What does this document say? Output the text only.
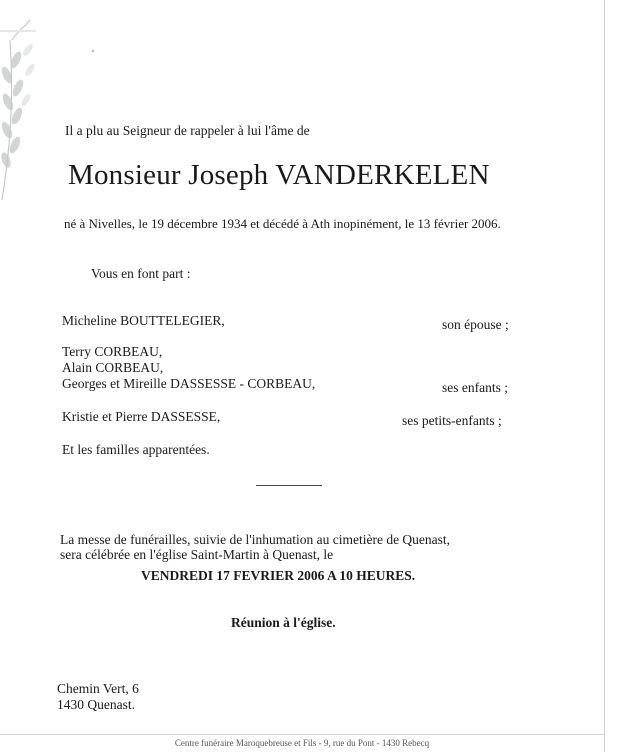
Il a plu au Seigneur de rappeler à lui l'âme de
Monsieur Joseph VANDERKELEN
né à Nivelles, le 19 décembre 1934 et décédé à Ath inopinément, le 13 février 2006.
Vous en font part :
Micheline BOUTTELEGIER,	son épouse ;
Terry CORBEAU,
Alain CORBEAU,
Georges et Mireille DASSESSE - CORBEAU,	ses enfants ;
Kristie et Pierre DASSESSE,	ses petits-enfants ;
Et les familles apparentées.
La messe de funérailles, suivie de l'inhumation au cimetière de Quenast,
sera célébrée en l'église Saint-Martin à Quenast, le
VENDREDI 17 FEVRIER 2006 A 10 HEURES.
Réunion à l'église.
Chemin Vert, 6
1430 Quenast.
Centre funéraire Maroquebreuse et Fils - 9, rue du Pont - 1430 Rebecq
